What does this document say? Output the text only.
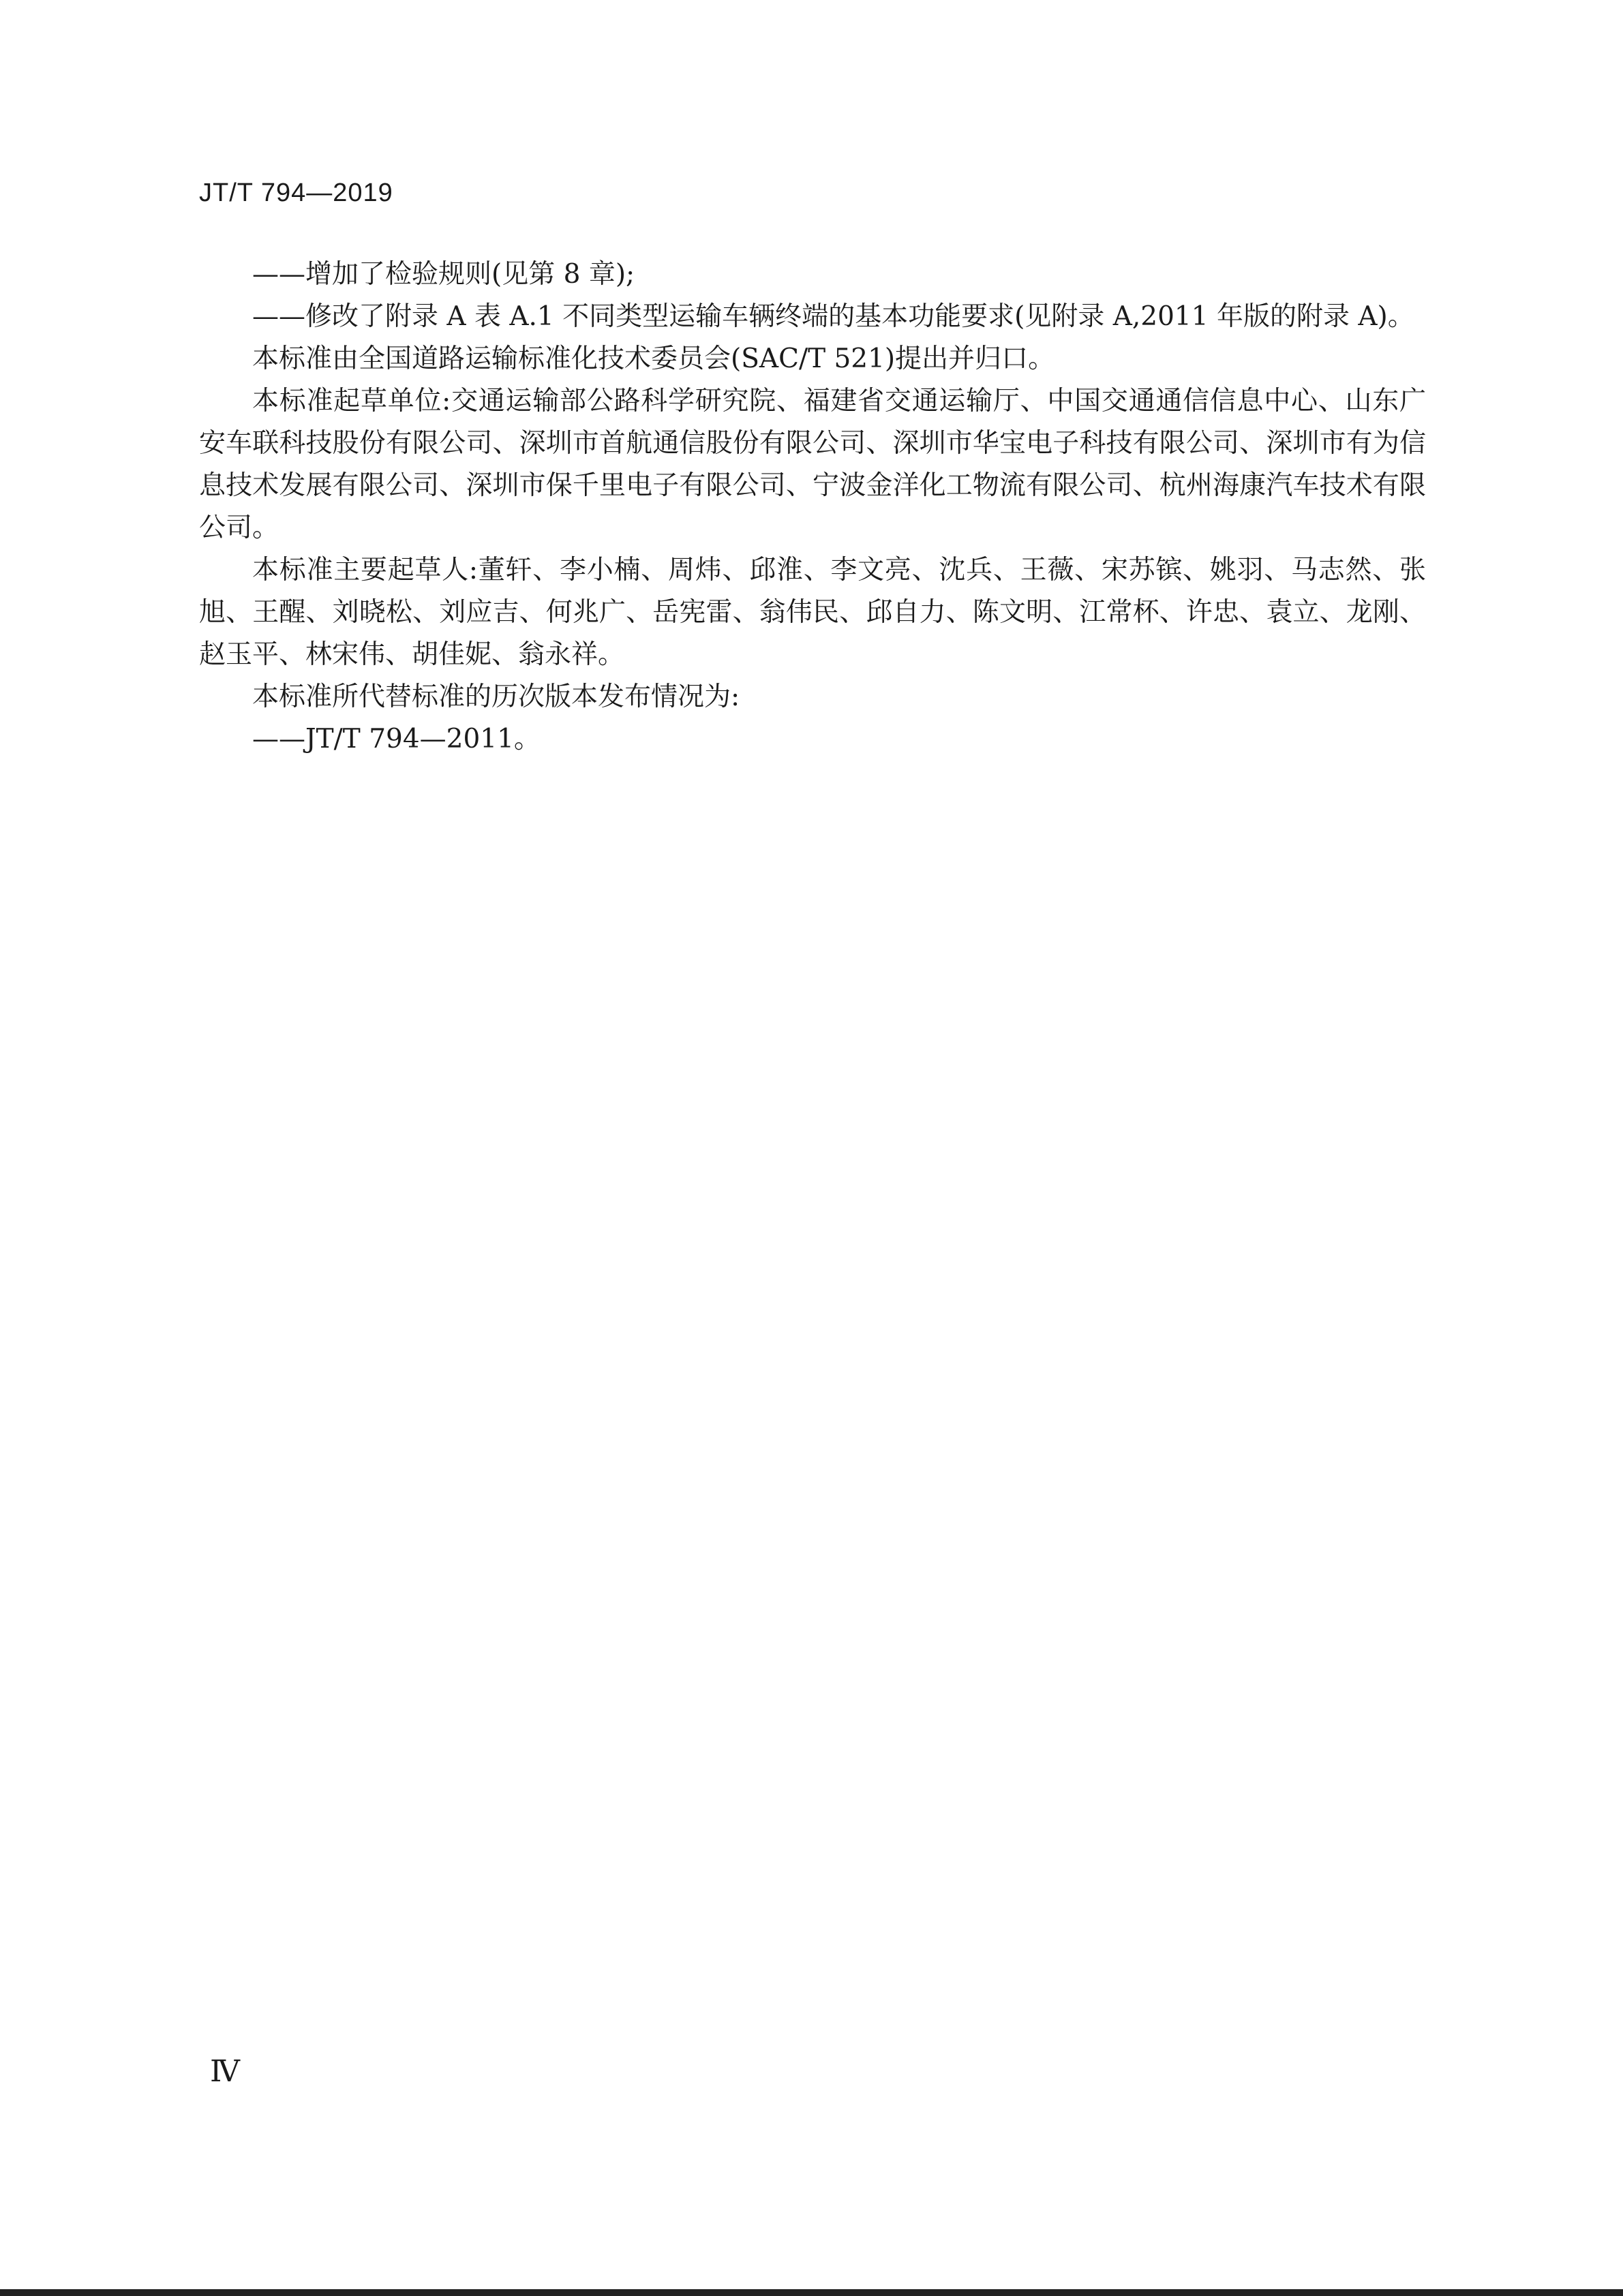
JT/T 794—2019

——增加了检验规则(见第 8 章);

——修改了附录 A 表 A.1 不同类型运输车辆终端的基本功能要求(见附录 A,2011 年版的附录 A)。

本标准由全国道路运输标准化技术委员会(SAC/T 521)提出并归口。

本标准起草单位:交通运输部公路科学研究院、福建省交通运输厅、中国交通通信信息中心、山东广安车联科技股份有限公司、深圳市首航通信股份有限公司、深圳市华宝电子科技有限公司、深圳市有为信息技术发展有限公司、深圳市保千里电子有限公司、宁波金洋化工物流有限公司、杭州海康汽车技术有限公司。

本标准主要起草人:董轩、李小楠、周炜、邱淮、李文亮、沈兵、王薇、宋苏镔、姚羽、马志然、张旭、王醒、刘晓松、刘应吉、何兆广、岳宪雷、翁伟民、邱自力、陈文明、江常杯、许忠、袁立、龙刚、赵玉平、林宋伟、胡佳妮、翁永祥。

本标准所代替标准的历次版本发布情况为:

——JT/T 794—2011。

Ⅳ
